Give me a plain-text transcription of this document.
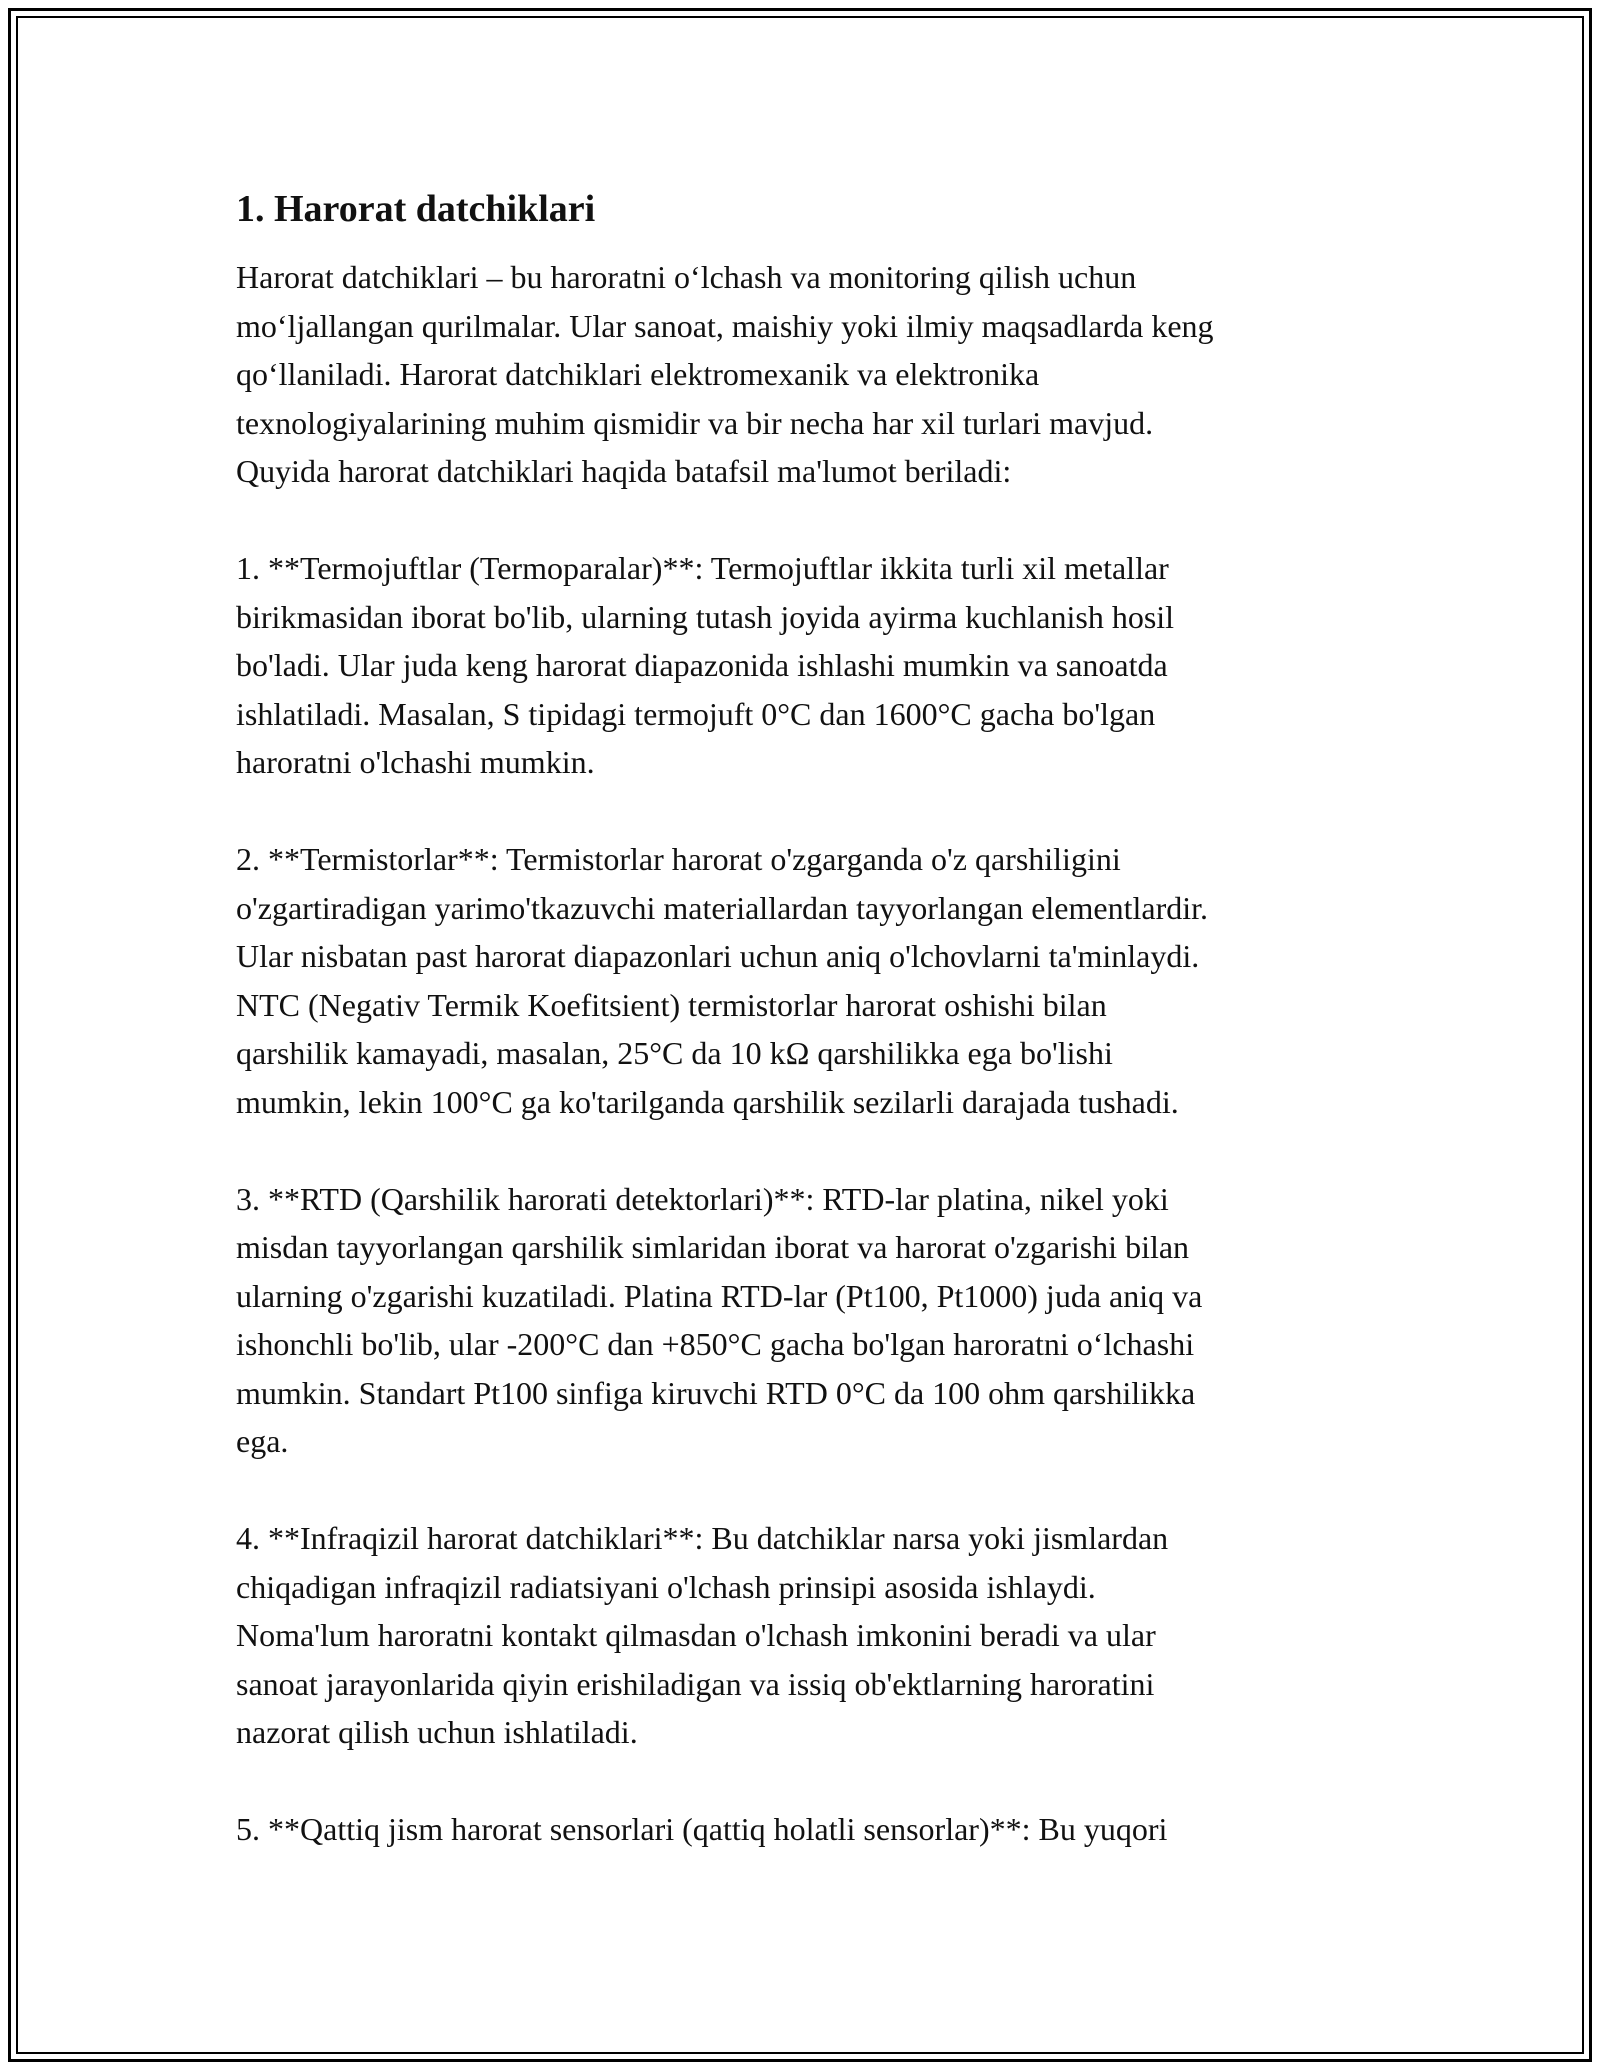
1. Harorat datchiklari

Harorat datchiklari – bu haroratni oʻlchash va monitoring qilish uchun
moʻljallangan qurilmalar. Ular sanoat, maishiy yoki ilmiy maqsadlarda keng
qoʻllaniladi. Harorat datchiklari elektromexanik va elektronika
texnologiyalarining muhim qismidir va bir necha har xil turlari mavjud.
Quyida harorat datchiklari haqida batafsil ma'lumot beriladi:

1. **Termojuftlar (Termoparalar)**: Termojuftlar ikkita turli xil metallar
birikmasidan iborat bo'lib, ularning tutash joyida ayirma kuchlanish hosil
bo'ladi. Ular juda keng harorat diapazonida ishlashi mumkin va sanoatda
ishlatiladi. Masalan, S tipidagi termojuft 0°C dan 1600°C gacha bo'lgan
haroratni o'lchashi mumkin.

2. **Termistorlar**: Termistorlar harorat o'zgarganda o'z qarshiligini
o'zgartiradigan yarimo'tkazuvchi materiallardan tayyorlangan elementlardir.
Ular nisbatan past harorat diapazonlari uchun aniq o'lchovlarni ta'minlaydi.
NTC (Negativ Termik Koefitsient) termistorlar harorat oshishi bilan
qarshilik kamayadi, masalan, 25°C da 10 kΩ qarshilikka ega bo'lishi
mumkin, lekin 100°C ga ko'tarilganda qarshilik sezilarli darajada tushadi.

3. **RTD (Qarshilik harorati detektorlari)**: RTD-lar platina, nikel yoki
misdan tayyorlangan qarshilik simlaridan iborat va harorat o'zgarishi bilan
ularning o'zgarishi kuzatiladi. Platina RTD-lar (Pt100, Pt1000) juda aniq va
ishonchli bo'lib, ular -200°C dan +850°C gacha bo'lgan haroratni oʻlchashi
mumkin. Standart Pt100 sinfiga kiruvchi RTD 0°C da 100 ohm qarshilikka
ega.

4. **Infraqizil harorat datchiklari**: Bu datchiklar narsa yoki jismlardan
chiqadigan infraqizil radiatsiyani o'lchash prinsipi asosida ishlaydi.
Noma'lum haroratni kontakt qilmasdan o'lchash imkonini beradi va ular
sanoat jarayonlarida qiyin erishiladigan va issiq ob'ektlarning haroratini
nazorat qilish uchun ishlatiladi.

5. **Qattiq jism harorat sensorlari (qattiq holatli sensorlar)**: Bu yuqori
